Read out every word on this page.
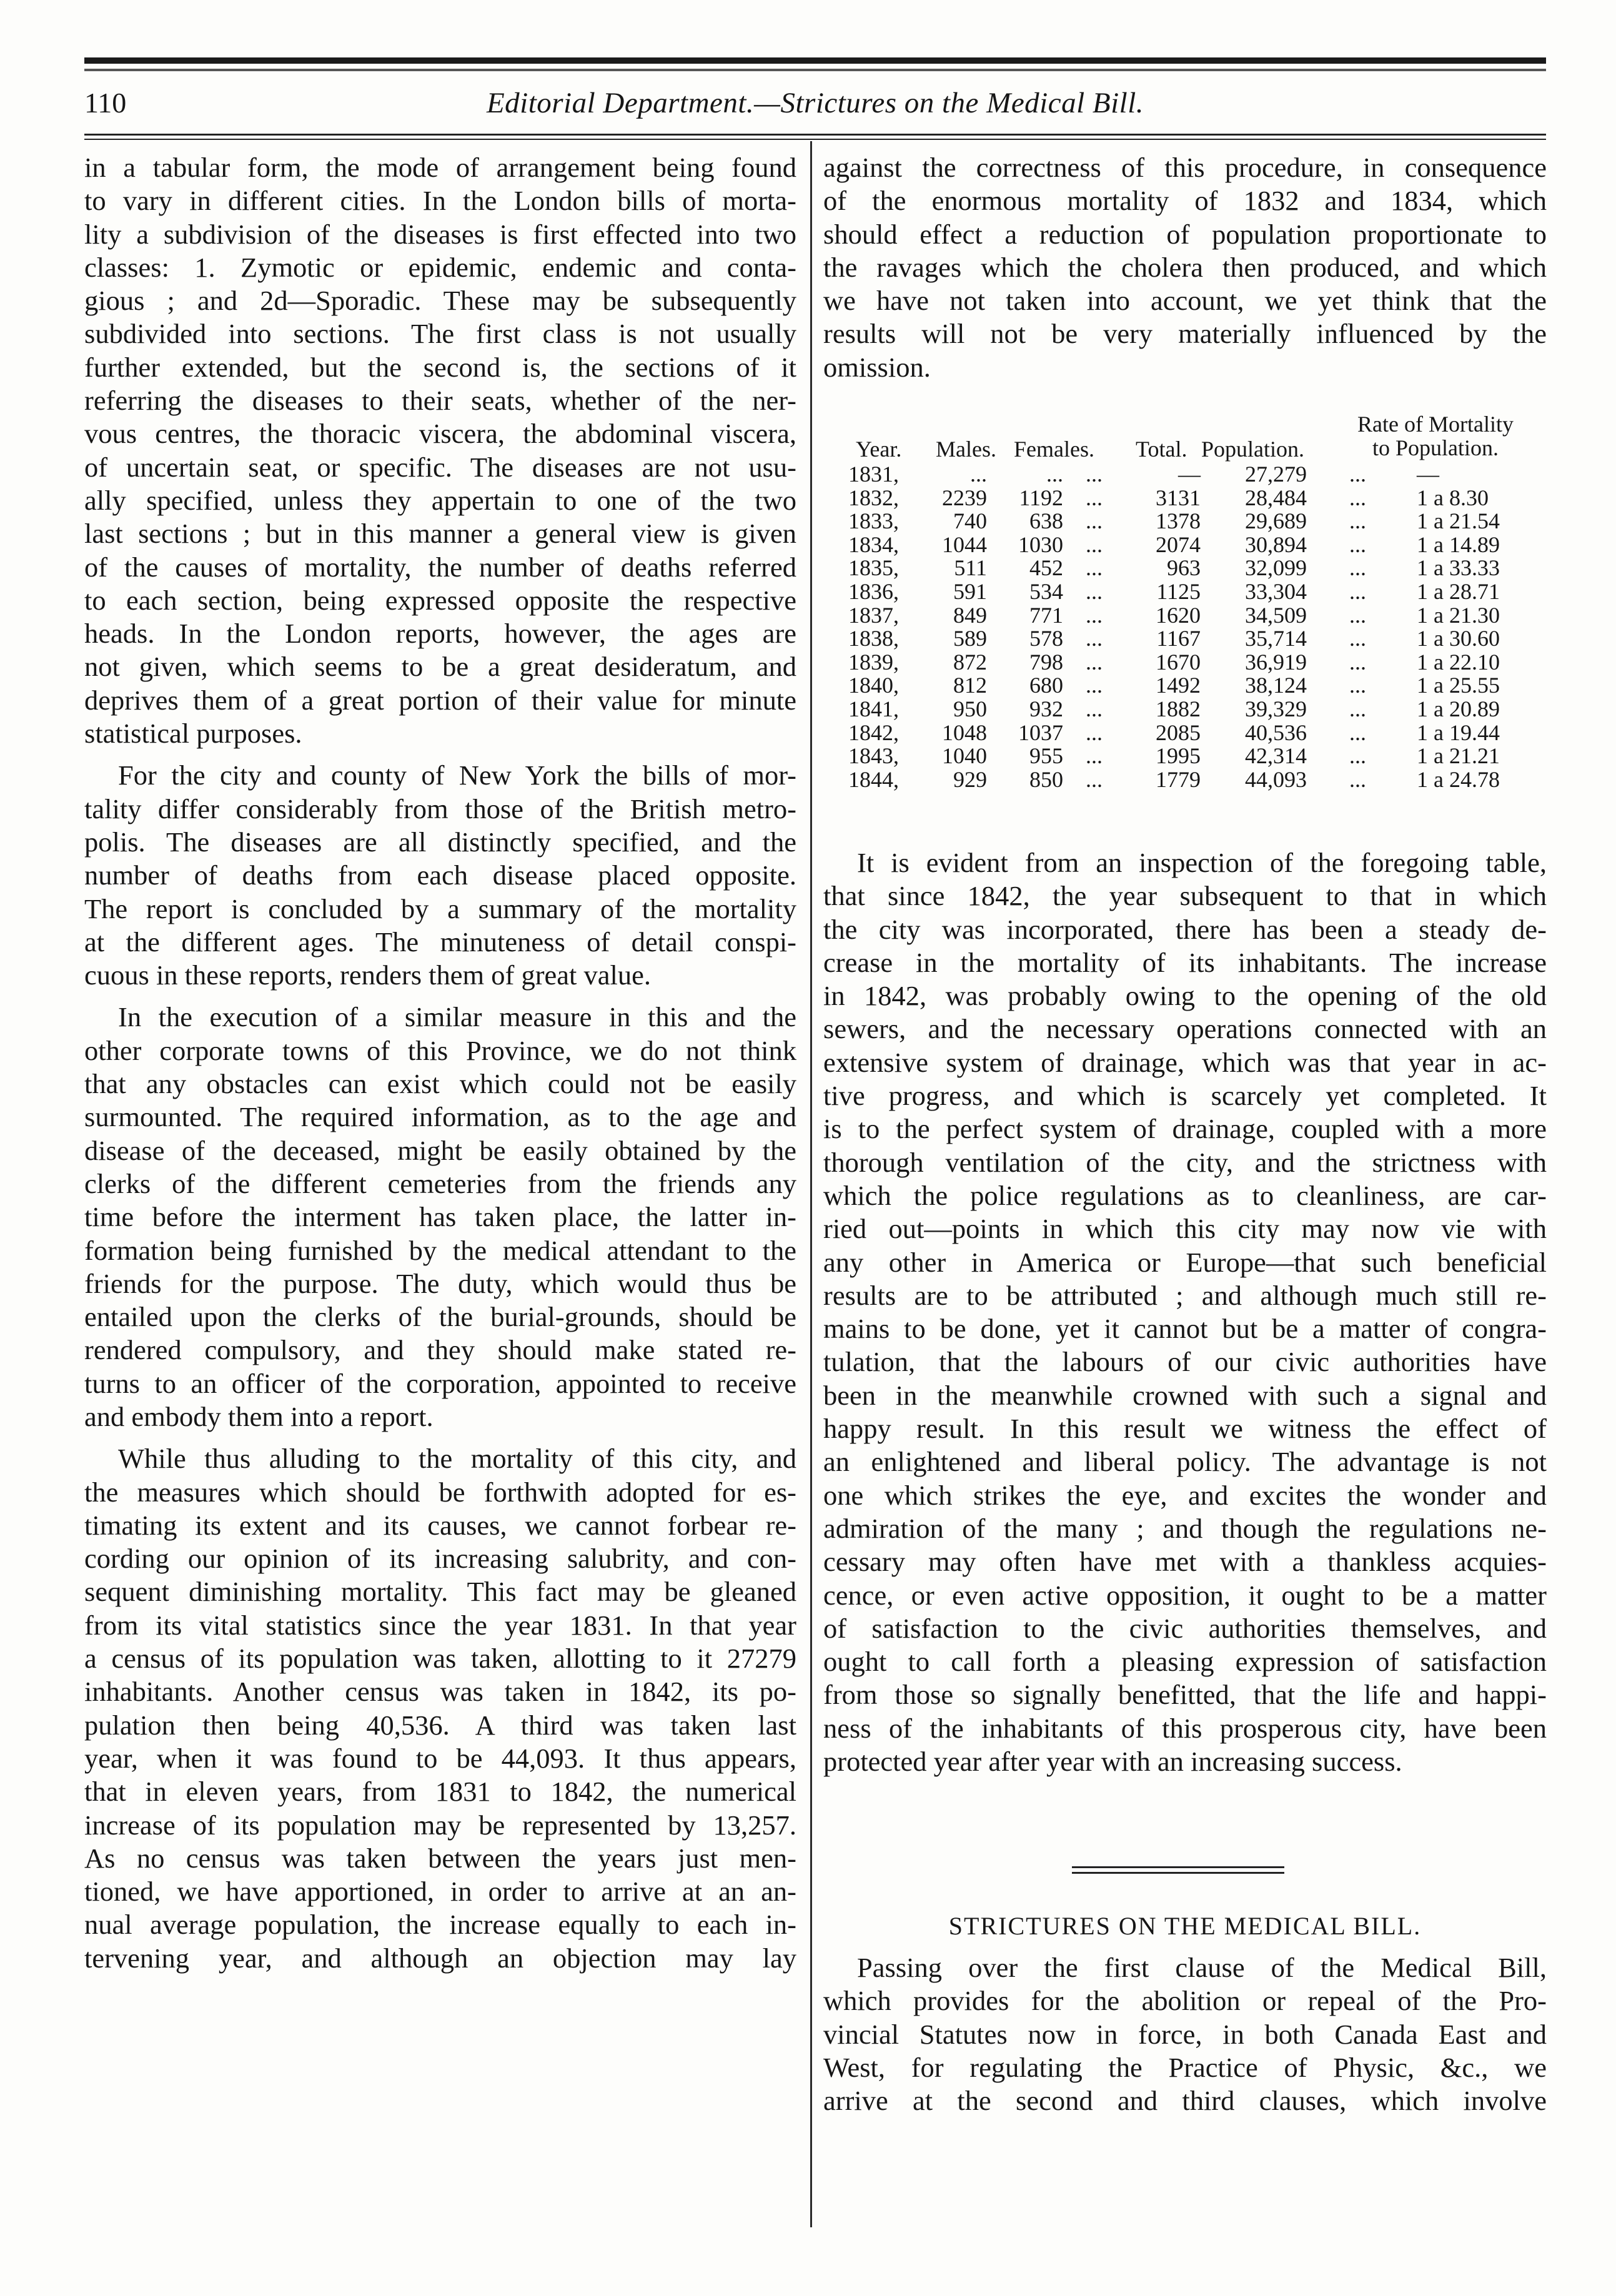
110	Editorial Department.—Strictures on the Medical Bill.

in a tabular form, the mode of arrangement being found

to vary in different cities. In the London bills of morta-

lity a subdivision of the diseases is first effected into two

classes: 1. Zymotic or epidemic, endemic and conta-

gious ; and 2d—Sporadic. These may be subsequently

subdivided into sections. The first class is not usually

further extended, but the second is, the sections of it

referring the diseases to their seats, whether of the ner-

vous centres, the thoracic viscera, the abdominal viscera,

of uncertain seat, or specific. The diseases are not usu-

ally specified, unless they appertain to one of the two

last sections ; but in this manner a general view is given

of the causes of mortality, the number of deaths referred

to each section, being expressed opposite the respective

heads. In the London reports, however, the ages are

not given, which seems to be a great desideratum, and

deprives them of a great portion of their value for minute

statistical purposes.

For the city and county of New York the bills of mor-

tality differ considerably from those of the British metro-

polis. The diseases are all distinctly specified, and the

number of deaths from each disease placed opposite.

The report is concluded by a summary of the mortality

at the different ages. The minuteness of detail conspi-

cuous in these reports, renders them of great value.

In the execution of a similar measure in this and the

other corporate towns of this Province, we do not think

that any obstacles can exist which could not be easily

surmounted. The required information, as to the age and

disease of the deceased, might be easily obtained by the

clerks of the different cemeteries from the friends any

time before the interment has taken place, the latter in-

formation being furnished by the medical attendant to the

friends for the purpose. The duty, which would thus be

entailed upon the clerks of the burial-grounds, should be

rendered compulsory, and they should make stated re-

turns to an officer of the corporation, appointed to receive

and embody them into a report.

While thus alluding to the mortality of this city, and

the measures which should be forthwith adopted for es-

timating its extent and its causes, we cannot forbear re-

cording our opinion of its increasing salubrity, and con-

sequent diminishing mortality. This fact may be gleaned

from its vital statistics since the year 1831. In that year

a census of its population was taken, allotting to it 27279

inhabitants. Another census was taken in 1842, its po-

pulation then being 40,536. A third was taken last

year, when it was found to be 44,093. It thus appears,

that in eleven years, from 1831 to 1842, the numerical

increase of its population may be represented by 13,257.

As no census was taken between the years just men-

tioned, we have apportioned, in order to arrive at an an-

nual average population, the increase equally to each in-

tervening year, and although an objection may lay

against the correctness of this procedure, in consequence

of the enormous mortality of 1832 and 1834, which

should effect a reduction of population proportionate to

the ravages which the cholera then produced, and which

we have not taken into account, we yet think that the

results will not be very materially influenced by the

omission.

Year. Males. Females. Total. Population.
Rate of Mortality
to Population.
1831,	...	... ...	—	27,279 ... —
1832,	2239	1192 ...	3131	28,484 ... 1 a 8.30
1833,	740	638 ...	1378	29,689 ... 1 a 21.54
1834,	1044	1030 ...	2074	30,894 ... 1 a 14.89
1835,	511	452 ...	963	32,099 ... 1 a 33.33
1836,	591	534 ...	1125	33,304 ... 1 a 28.71
1837,	849	771 ...	1620	34,509 ... 1 a 21.30
1838,	589	578 ...	1167	35,714 ... 1 a 30.60
1839,	872	798 ...	1670	36,919 ... 1 a 22.10
1840,	812	680 ...	1492	38,124 ... 1 a 25.55
1841,	950	932 ...	1882	39,329 ... 1 a 20.89
1842,	1048	1037 ...	2085	40,536 ... 1 a 19.44
1843,	1040	955 ...	1995	42,314 ... 1 a 21.21
1844,	929	850 ...	1779	44,093 ... 1 a 24.78

It is evident from an inspection of the foregoing table,

that since 1842, the year subsequent to that in which

the city was incorporated, there has been a steady de-

crease in the mortality of its inhabitants. The increase

in 1842, was probably owing to the opening of the old

sewers, and the necessary operations connected with an

extensive system of drainage, which was that year in ac-

tive progress, and which is scarcely yet completed. It

is to the perfect system of drainage, coupled with a more

thorough ventilation of the city, and the strictness with

which the police regulations as to cleanliness, are car-

ried out—points in which this city may now vie with

any other in America or Europe—that such beneficial

results are to be attributed ; and although much still re-

mains to be done, yet it cannot but be a matter of congra-

tulation, that the labours of our civic authorities have

been in the meanwhile crowned with such a signal and

happy result. In this result we witness the effect of

an enlightened and liberal policy. The advantage is not

one which strikes the eye, and excites the wonder and

admiration of the many ; and though the regulations ne-

cessary may often have met with a thankless acquies-

cence, or even active opposition, it ought to be a matter

of satisfaction to the civic authorities themselves, and

ought to call forth a pleasing expression of satisfaction

from those so signally benefitted, that the life and happi-

ness of the inhabitants of this prosperous city, have been

protected year after year with an increasing success.

STRICTURES ON THE MEDICAL BILL.

Passing over the first clause of the Medical Bill,

which provides for the abolition or repeal of the Pro-

vincial Statutes now in force, in both Canada East and

West, for regulating the Practice of Physic, &c., we

arrive at the second and third clauses, which involve
